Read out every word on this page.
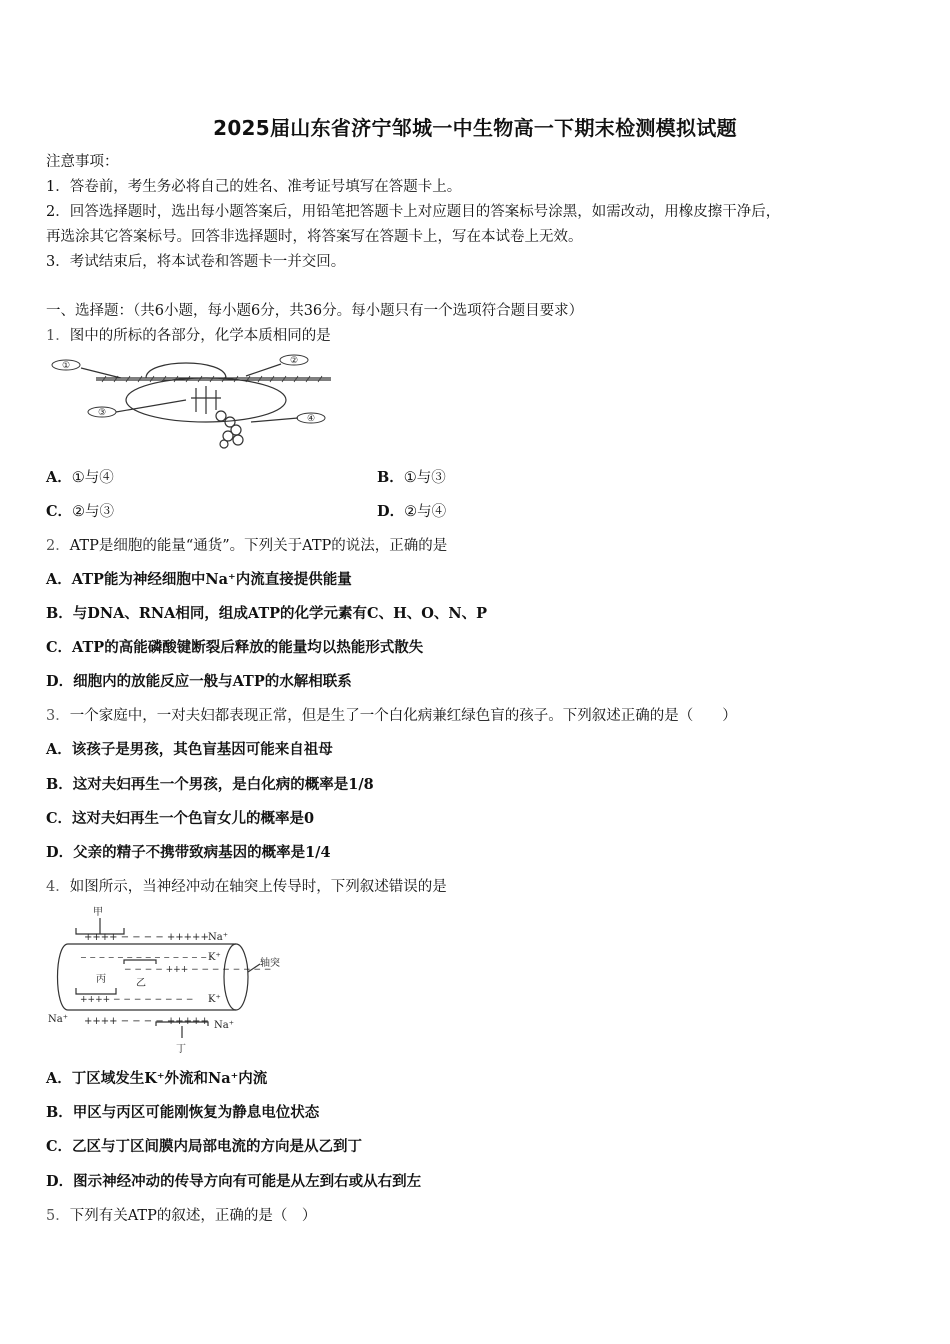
2025届山东省济宁邹城一中生物高一下期末检测模拟试题
注意事项：
1．答卷前，考生务必将自己的姓名、准考证号填写在答题卡上。
2．回答选择题时，选出每小题答案后，用铅笔把答题卡上对应题目的答案标号涂黑，如需改动，用橡皮擦干净后，
再选涂其它答案标号。回答非选择题时，将答案写在答题卡上，写在本试卷上无效。
3．考试结束后，将本试卷和答题卡一并交回。
一、选择题：（共6小题，每小题6分，共36分。每小题只有一个选项符合题目要求）
1．图中的所标的各部分，化学本质相同的是
①	②
③
④
A．①与④	B．①与③
C．②与③	D．②与④
2．ATP是细胞的能量“通货”。下列关于ATP的说法，正确的是
A．ATP能为神经细胞中Na⁺内流直接提供能量
B．与DNA、RNA相同，组成ATP的化学元素有C、H、O、N、P
C．ATP的高能磷酸键断裂后释放的能量均以热能形式散失
D．细胞内的放能反应一般与ATP的水解相联系
3．一个家庭中，一对夫妇都表现正常，但是生了一个白化病兼红绿色盲的孩子。下列叙述正确的是（　　）
A．该孩子是男孩，其色盲基因可能来自祖母
B．这对夫妇再生一个男孩，是白化病的概率是1/8
C．这对夫妇再生一个色盲女儿的概率是0
D．父亲的精子不携带致病基因的概率是1/4
4．如图所示，当神经冲动在轴突上传导时，下列叙述错误的是
甲
++++ − − − − +++++ Na⁺
− − − − − − − − − − − − − − K⁺
− − − − +++ − − − − − − − −
乙
丙
++++ − − − − − − − − K⁺
Na⁺ ++++ − − − − +++++ Na⁺
丁
轴突
A．丁区域发生K⁺外流和Na⁺内流
B．甲区与丙区可能刚恢复为静息电位状态
C．乙区与丁区间膜内局部电流的方向是从乙到丁
D．图示神经冲动的传导方向有可能是从左到右或从右到左
5．下列有关ATP的叙述，正确的是（　）
